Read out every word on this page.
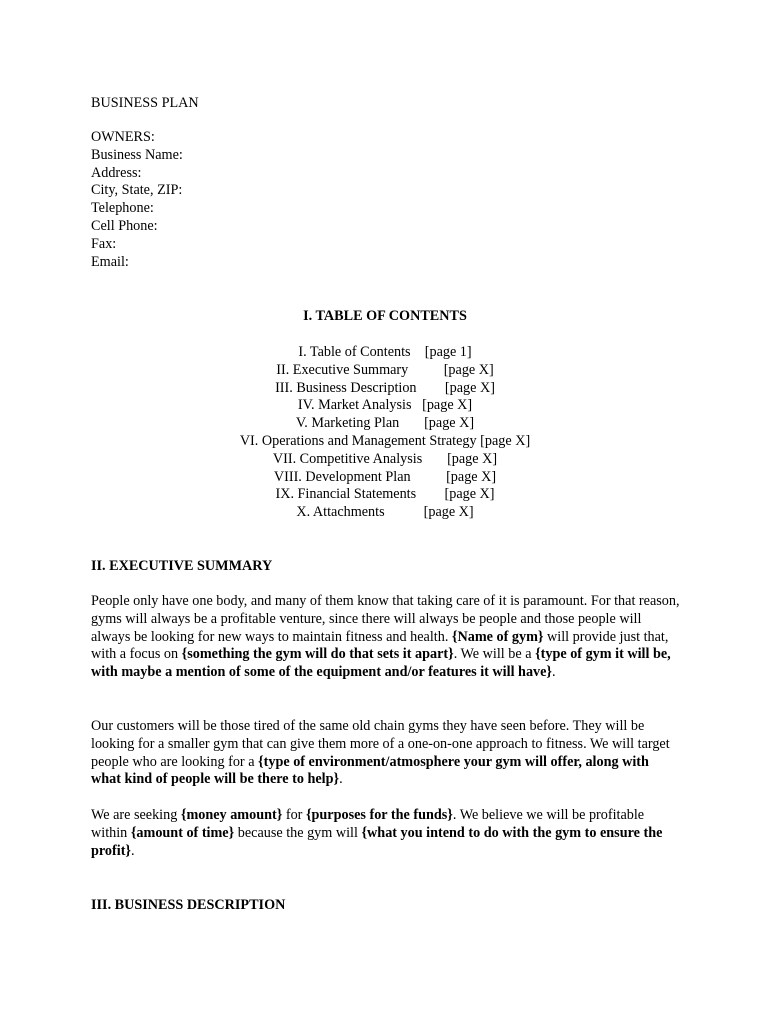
BUSINESS PLAN
OWNERS:
Business Name:
Address:
City, State, ZIP:
Telephone:
Cell Phone:
Fax:
Email:
I. TABLE OF CONTENTS
I. Table of Contents    [page 1]
II. Executive Summary          [page X]
III. Business Description        [page X]
IV. Market Analysis   [page X]
V. Marketing Plan       [page X]
VI. Operations and Management Strategy [page X]
VII. Competitive Analysis       [page X]
VIII. Development Plan          [page X]
IX. Financial Statements        [page X]
X. Attachments           [page X]
II. EXECUTIVE SUMMARY
People only have one body, and many of them know that taking care of it is paramount. For that reason, gyms will always be a profitable venture, since there will always be people and those people will always be looking for new ways to maintain fitness and health. {Name of gym} will provide just that, with a focus on {something the gym will do that sets it apart}. We will be a {type of gym it will be, with maybe a mention of some of the equipment and/or features it will have}.
Our customers will be those tired of the same old chain gyms they have seen before. They will be looking for a smaller gym that can give them more of a one-on-one approach to fitness. We will target people who are looking for a {type of environment/atmosphere your gym will offer, along with what kind of people will be there to help}.
We are seeking {money amount} for {purposes for the funds}. We believe we will be profitable within {amount of time} because the gym will {what you intend to do with the gym to ensure the profit}.
III. BUSINESS DESCRIPTION
